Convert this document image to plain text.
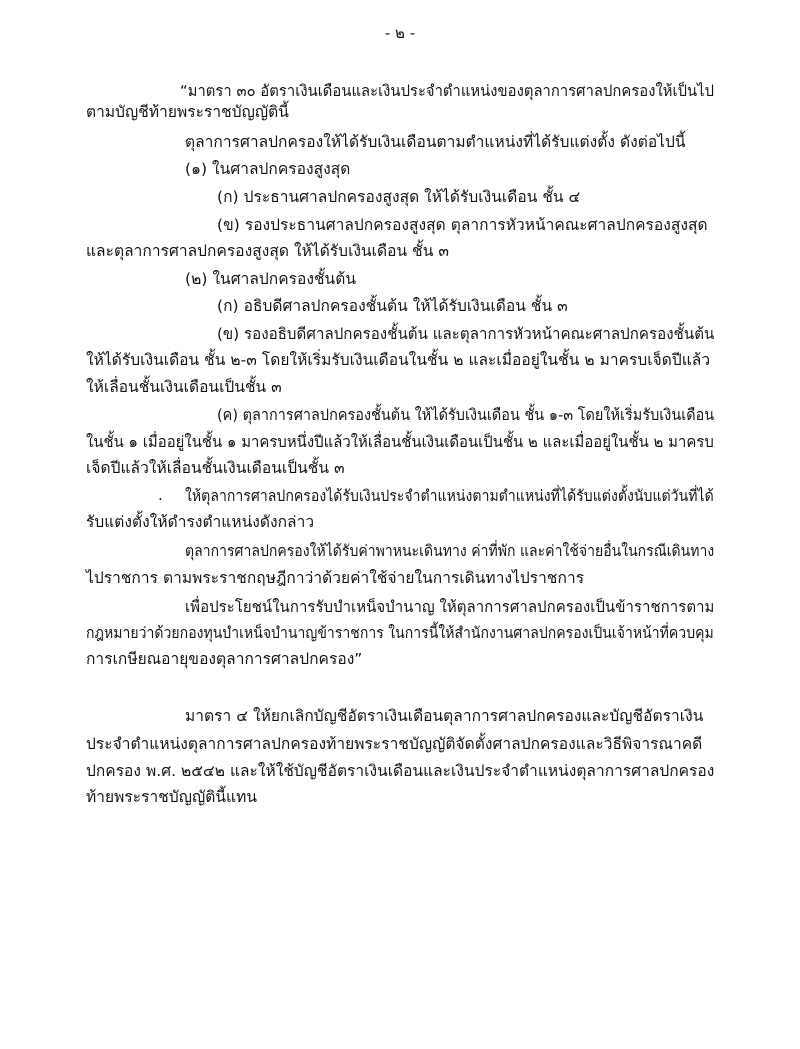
- ๒ -
“มาตรา ๓๐ อัตราเงินเดือนและเงินประจำตำแหน่งของตุลาการศาลปกครองให้เป็นไป
ตามบัญชีท้ายพระราชบัญญัตินี้
ตุลาการศาลปกครองให้ได้รับเงินเดือนตามตำแหน่งที่ได้รับแต่งตั้ง ดังต่อไปนี้
(๑) ในศาลปกครองสูงสุด
(ก) ประธานศาลปกครองสูงสุด ให้ได้รับเงินเดือน ชั้น ๔
(ข) รองประธานศาลปกครองสูงสุด ตุลาการหัวหน้าคณะศาลปกครองสูงสุด
และตุลาการศาลปกครองสูงสุด ให้ได้รับเงินเดือน ชั้น ๓
(๒) ในศาลปกครองชั้นต้น
(ก) อธิบดีศาลปกครองชั้นต้น ให้ได้รับเงินเดือน ชั้น ๓
(ข) รองอธิบดีศาลปกครองชั้นต้น และตุลาการหัวหน้าคณะศาลปกครองชั้นต้น
ให้ได้รับเงินเดือน ชั้น ๒-๓ โดยให้เริ่มรับเงินเดือนในชั้น ๒ และเมื่ออยู่ในชั้น ๒ มาครบเจ็ดปีแล้ว
ให้เลื่อนชั้นเงินเดือนเป็นชั้น ๓
(ค) ตุลาการศาลปกครองชั้นต้น ให้ได้รับเงินเดือน ชั้น ๑-๓ โดยให้เริ่มรับเงินเดือน
ในชั้น ๑ เมื่ออยู่ในชั้น ๑ มาครบหนึ่งปีแล้วให้เลื่อนชั้นเงินเดือนเป็นชั้น ๒ และเมื่ออยู่ในชั้น ๒ มาครบ
เจ็ดปีแล้วให้เลื่อนชั้นเงินเดือนเป็นชั้น ๓
. ให้ตุลาการศาลปกครองได้รับเงินประจำตำแหน่งตามตำแหน่งที่ได้รับแต่งตั้งนับแต่วันที่ได้
รับแต่งตั้งให้ดำรงตำแหน่งดังกล่าว
ตุลาการศาลปกครองให้ได้รับค่าพาหนะเดินทาง ค่าที่พัก และค่าใช้จ่ายอื่นในกรณีเดินทาง
ไปราชการ ตามพระราชกฤษฎีกาว่าด้วยค่าใช้จ่ายในการเดินทางไปราชการ
เพื่อประโยชน์ในการรับบำเหน็จบำนาญ ให้ตุลาการศาลปกครองเป็นข้าราชการตาม
กฎหมายว่าด้วยกองทุนบำเหน็จบำนาญข้าราชการ ในการนี้ให้สำนักงานศาลปกครองเป็นเจ้าหน้าที่ควบคุม
การเกษียณอายุของตุลาการศาลปกครอง”
มาตรา ๔ ให้ยกเลิกบัญชีอัตราเงินเดือนตุลาการศาลปกครองและบัญชีอัตราเงิน
ประจำตำแหน่งตุลาการศาลปกครองท้ายพระราชบัญญัติจัดตั้งศาลปกครองและวิธีพิจารณาคดี
ปกครอง พ.ศ. ๒๕๔๒ และให้ใช้บัญชีอัตราเงินเดือนและเงินประจำตำแหน่งตุลาการศาลปกครอง
ท้ายพระราชบัญญัตินี้แทน
